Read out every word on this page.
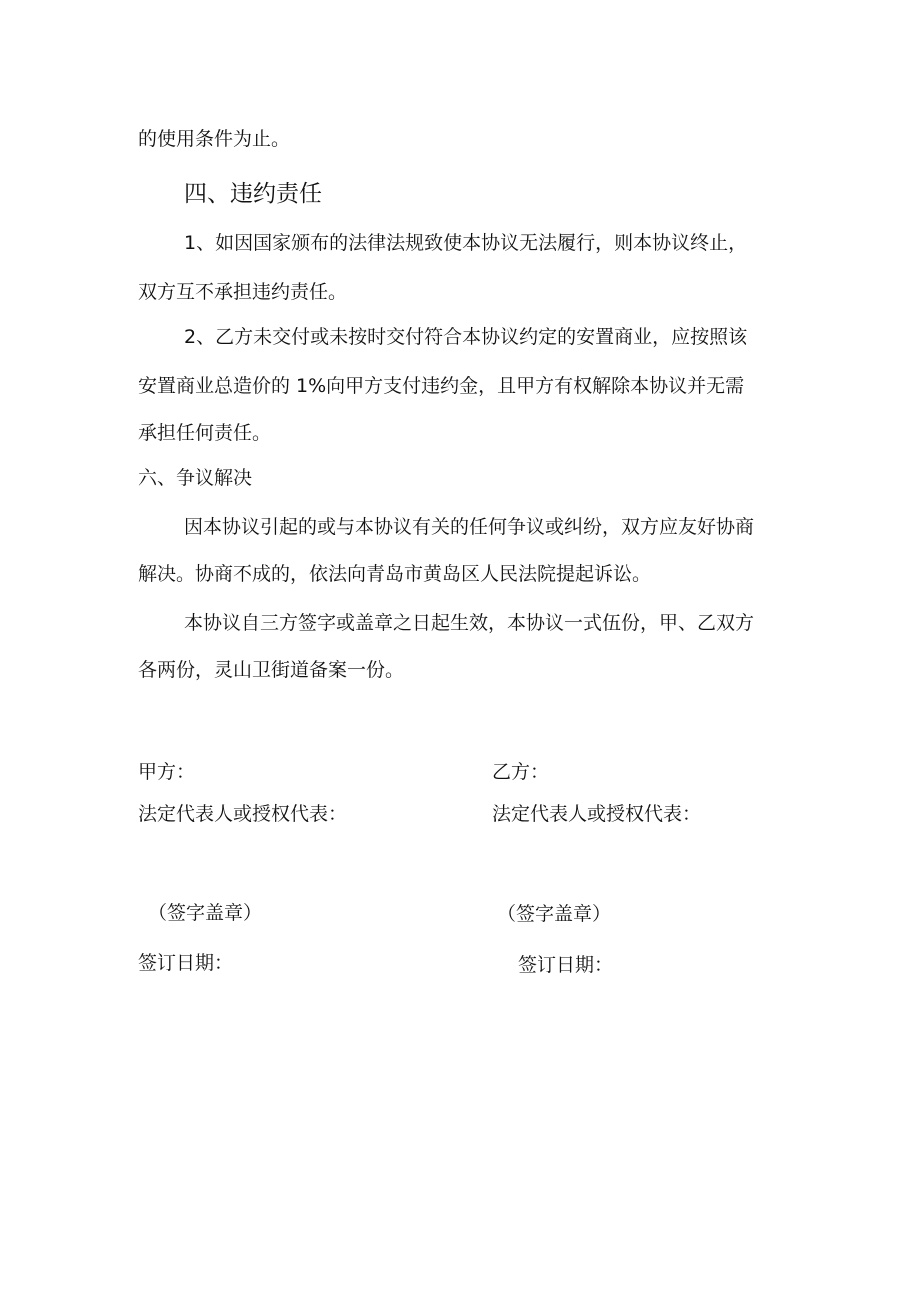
的使用条件为止。
四、违约责任
1、如因国家颁布的法律法规致使本协议无法履行，则本协议终止，
双方互不承担违约责任。
2、乙方未交付或未按时交付符合本协议约定的安置商业，应按照该
安置商业总造价的 1%向甲方支付违约金，且甲方有权解除本协议并无需
承担任何责任。
六、争议解决
因本协议引起的或与本协议有关的任何争议或纠纷，双方应友好协商
解决。协商不成的，依法向青岛市黄岛区人民法院提起诉讼。
本协议自三方签字或盖章之日起生效，本协议一式伍份，甲、乙双方
各两份，灵山卫街道备案一份。
甲方：	乙方：
法定代表人或授权代表：	法定代表人或授权代表：
（签字盖章）	（签字盖章）
签订日期：	签订日期：
